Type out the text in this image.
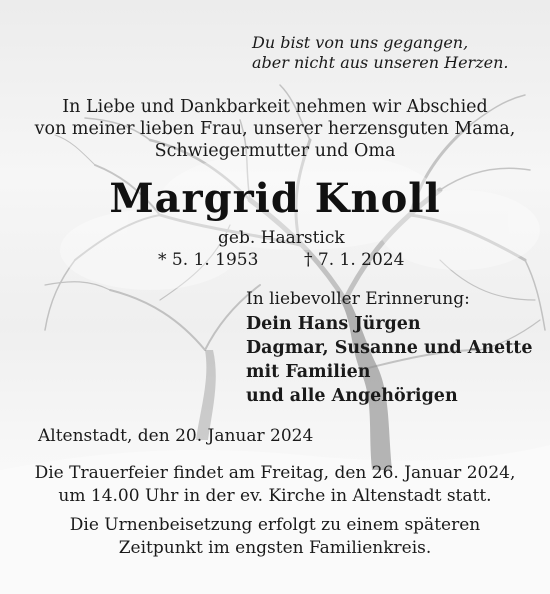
Du bist von uns gegangen,
aber nicht aus unseren Herzen.
In Liebe und Dankbarkeit nehmen wir Abschied
von meiner lieben Frau, unserer herzensguten Mama,
Schwiegermutter und Oma
Margrid Knoll
geb. Haarstick
* 5. 1. 1953	† 7. 1. 2024
In liebevoller Erinnerung:
Dein Hans Jürgen
Dagmar, Susanne und Anette
mit Familien
und alle Angehörigen
Altenstadt, den 20. Januar 2024
Die Trauerfeier findet am Freitag, den 26. Januar 2024,
um 14.00 Uhr in der ev. Kirche in Altenstadt statt.
Die Urnenbeisetzung erfolgt zu einem späteren
Zeitpunkt im engsten Familienkreis.
